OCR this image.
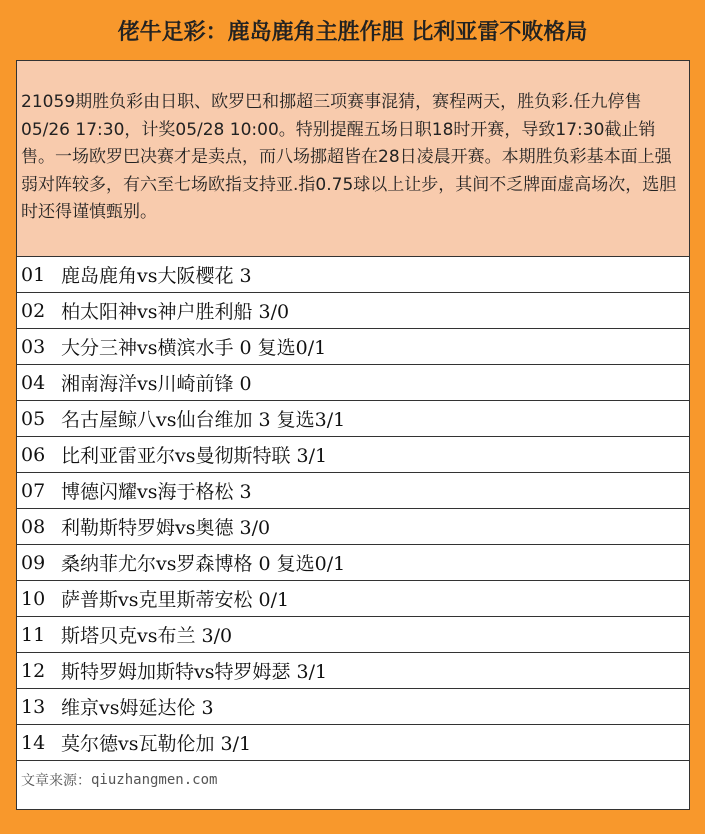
佬牛足彩：鹿岛鹿角主胜作胆 比利亚雷不败格局
21059期胜负彩由日职、欧罗巴和挪超三项赛事混猜，赛程两天，胜负彩.任九停售05/26 17:30，计奖05/28 10:00。特别提醒五场日职18时开赛，导致17:30截止销售。一场欧罗巴决赛才是卖点，而八场挪超皆在28日凌晨开赛。本期胜负彩基本面上强弱对阵较多，有六至七场欧指支持亚.指0.75球以上让步，其间不乏牌面虚高场次，选胆时还得谨慎甄别。
01 鹿岛鹿角vs大阪樱花 3
02 柏太阳神vs神户胜利船 3/0
03 大分三神vs横滨水手 0 复选0/1
04 湘南海洋vs川崎前锋 0
05 名古屋鲸八vs仙台维加 3 复选3/1
06 比利亚雷亚尔vs曼彻斯特联 3/1
07 博德闪耀vs海于格松 3
08 利勒斯特罗姆vs奥德 3/0
09 桑纳菲尤尔vs罗森博格 0 复选0/1
10 萨普斯vs克里斯蒂安松 0/1
11 斯塔贝克vs布兰 3/0
12 斯特罗姆加斯特vs特罗姆瑟 3/1
13 维京vs姆延达伦 3
14 莫尔德vs瓦勒伦加 3/1
文章来源： qiuzhangmen.com
